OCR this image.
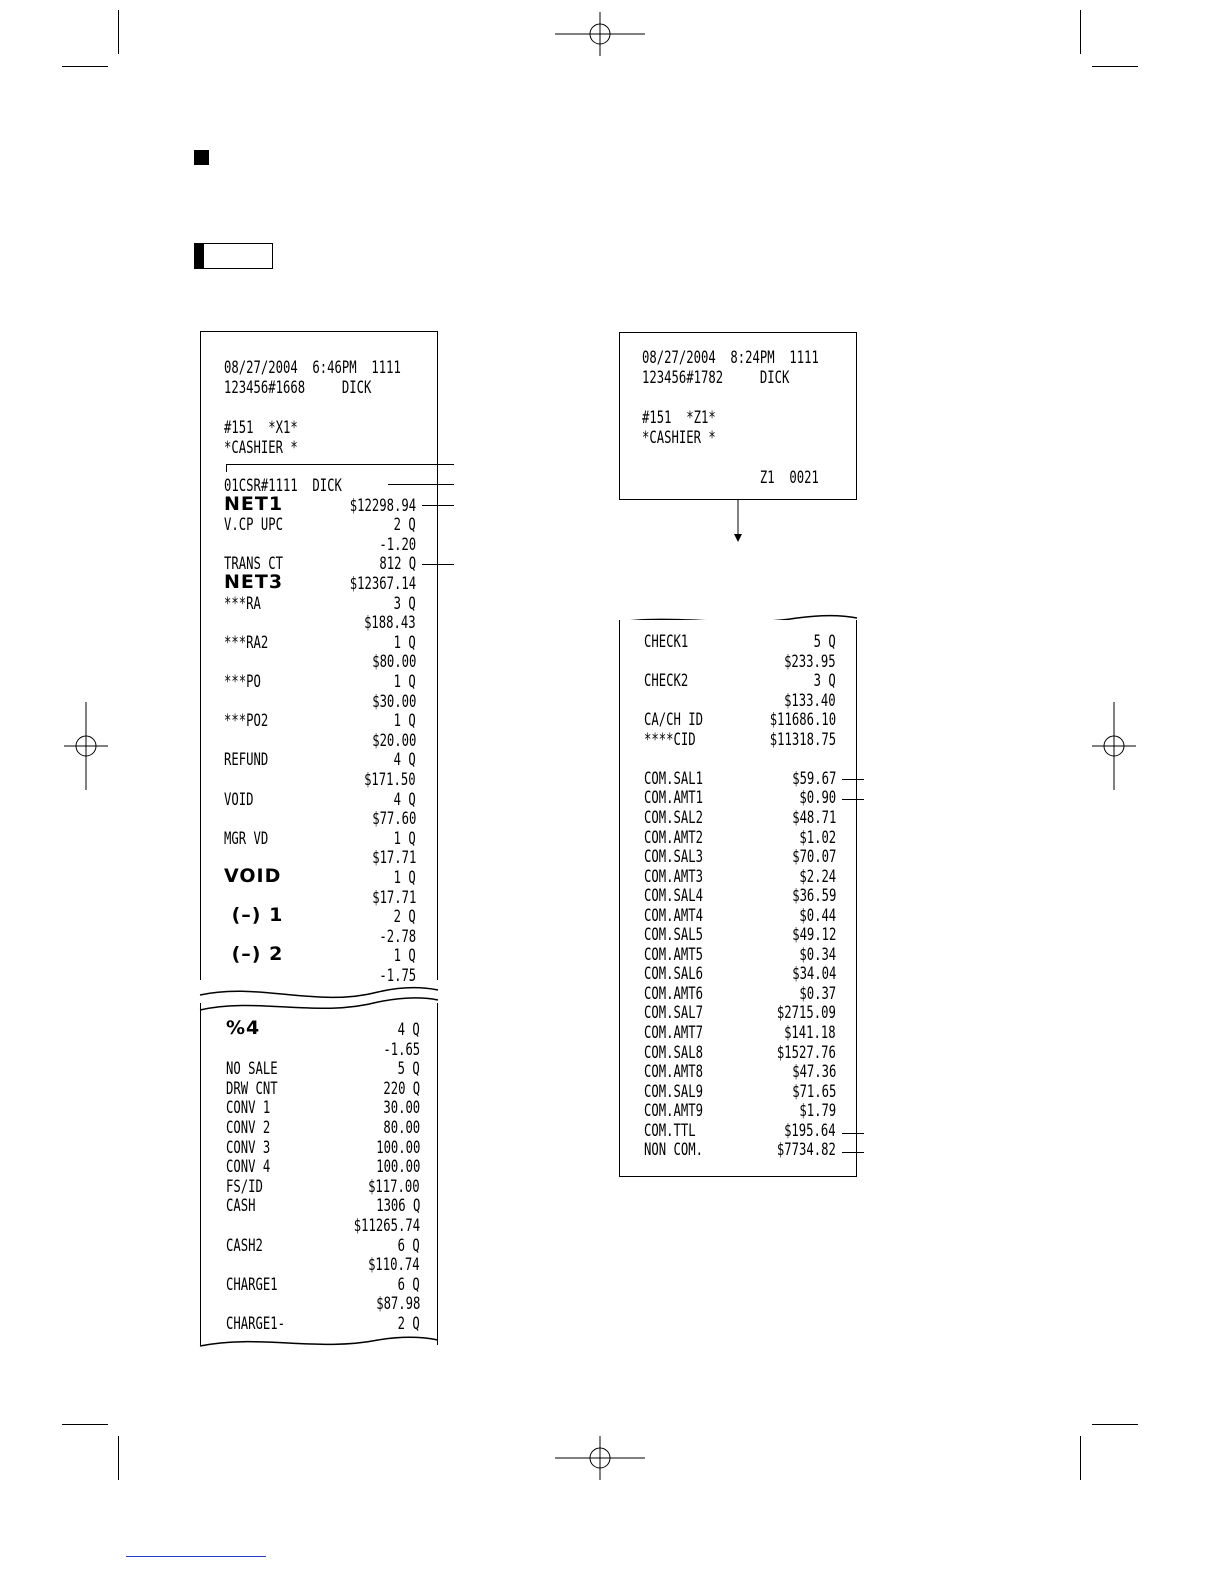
08/27/2004  6:46PM  1111
123456#1668     DICK
#151  *X1*
*CASHIER *
01CSR#1111  DICK
NET1	$12298.94
V.CP UPC	2 Q
-1.20
TRANS CT	812 Q
NET3	$12367.14
***RA	3 Q
$188.43
***RA2	1 Q
$80.00
***PO	1 Q
$30.00
***PO2	1 Q
$20.00
REFUND	4 Q
$171.50
VOID	4 Q
$77.60
MGR VD	1 Q
$17.71
VOID	1 Q
$17.71
(–) 1	2 Q
-2.78
(–) 2	1 Q
-1.75
%4	4 Q
-1.65
NO SALE	5 Q
DRW CNT	220 Q
CONV 1	30.00
CONV 2	80.00
CONV 3	100.00
CONV 4	100.00
FS/ID	$117.00
CASH	1306 Q
$11265.74
CASH2	6 Q
$110.74
CHARGE1	6 Q
$87.98
CHARGE1-	2 Q
08/27/2004  8:24PM  1111
123456#1782     DICK
#151  *Z1*
*CASHIER *
Z1  0021
CHECK1	5 Q
$233.95
CHECK2	3 Q
$133.40
CA/CH ID	$11686.10
****CID	$11318.75
COM.SAL1	$59.67
COM.AMT1	$0.90
COM.SAL2	$48.71
COM.AMT2	$1.02
COM.SAL3	$70.07
COM.AMT3	$2.24
COM.SAL4	$36.59
COM.AMT4	$0.44
COM.SAL5	$49.12
COM.AMT5	$0.34
COM.SAL6	$34.04
COM.AMT6	$0.37
COM.SAL7	$2715.09
COM.AMT7	$141.18
COM.SAL8	$1527.76
COM.AMT8	$47.36
COM.SAL9	$71.65
COM.AMT9	$1.79
COM.TTL	$195.64
NON COM.	$7734.82
